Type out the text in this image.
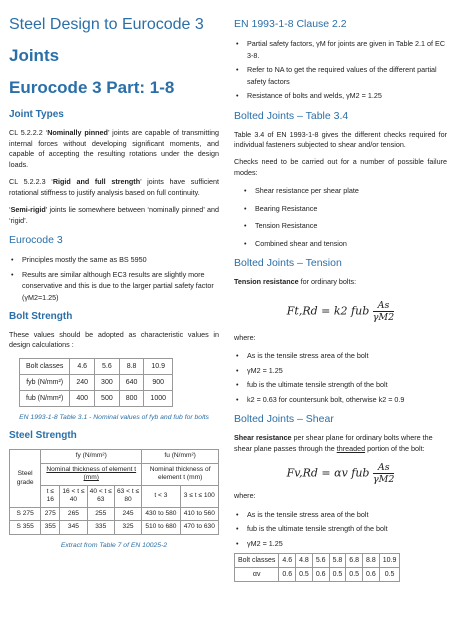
Steel Design to Eurocode 3
Joints
Eurocode 3 Part: 1-8
Joint Types

CL 5.2.2.2 ‘Nominally pinned’ joints are capable of transmitting internal forces without developing significant moments, and capable of accepting the resulting rotations under the design loads.

CL 5.2.2.3 ‘Rigid and full strength’ joints have sufficient rotational stiffness to justify analysis based on full continuity.

‘Semi-rigid’ joints lie somewhere between ‘nominally pinned’ and ‘rigid’.

Eurocode 3
• Principles mostly the same as BS 5950
• Results are similar although EC3 results are slightly more conservative and this is due to the larger partial safety factor (γM2=1.25)
Bolt Strength

These values should be adopted as characteristic values in design calculations :

Bolt classes	4.6	5.6	8.8	10.9
fyb (N/mm²)	240	300	640	900
fub (N/mm²)	400	500	800	1000
EN 1993-1-8 Table 3.1 - Nominal values of fyb and fub for bolts
Steel Strength
Steel grade	fy (N/mm²)				fu (N/mm²)	
	Nominal thickness of element t (mm)				Nominal thickness of element t (mm)	
	t ≤ 16	16 < t ≤ 40	40 < t ≤ 63	63 < t ≤ 80	t < 3	3 ≤ t ≤ 100
S 275	275	265	255	245	430 to 580	410 to 560
S 355	355	345	335	325	510 to 680	470 to 630
Extract from Table 7 of EN 10025-2
EN 1993-1-8 Clause 2.2
• Partial safety factors, γM for joints are given in Table 2.1 of EC 3-8.
• Refer to NA to get the required values of the different partial safety factors
• Resistance of bolts and welds, γM2 = 1.25
Bolted Joints – Table 3.4

Table 3.4 of EN 1993-1-8 gives the different checks required for individual fasteners subjected to shear and/or tension.

Checks need to be carried out for a number of possible failure modes:

• Shear resistance per shear plate
• Bearing Resistance
• Tension Resistance
• Combined shear and tension
Bolted Joints – Tension

Tension resistance for ordinary bolts:

Ft,Rd = k2 fub $\frac{As}{\gamma M2}$

where:

• As is the tensile stress area of the bolt
• γM2 = 1.25
• fub is the ultimate tensile strength of the bolt
• k2 = 0.63 for countersunk bolt, otherwise k2 = 0.9
Bolted Joints – Shear

Shear resistance per shear plane for ordinary bolts where the shear plane passes through the threaded portion of the bolt:

Fv,Rd = αv fub $\frac{As}{\gamma M2}$

where:

• As is the tensile stress area of the bolt
• fub is the ultimate tensile strength of the bolt
• γM2 = 1.25
Bolt classes	4.6	4.8	5.6	5.8	6.8	8.8	10.9
αv	0.6	0.5	0.6	0.5	0.5	0.6	0.5
